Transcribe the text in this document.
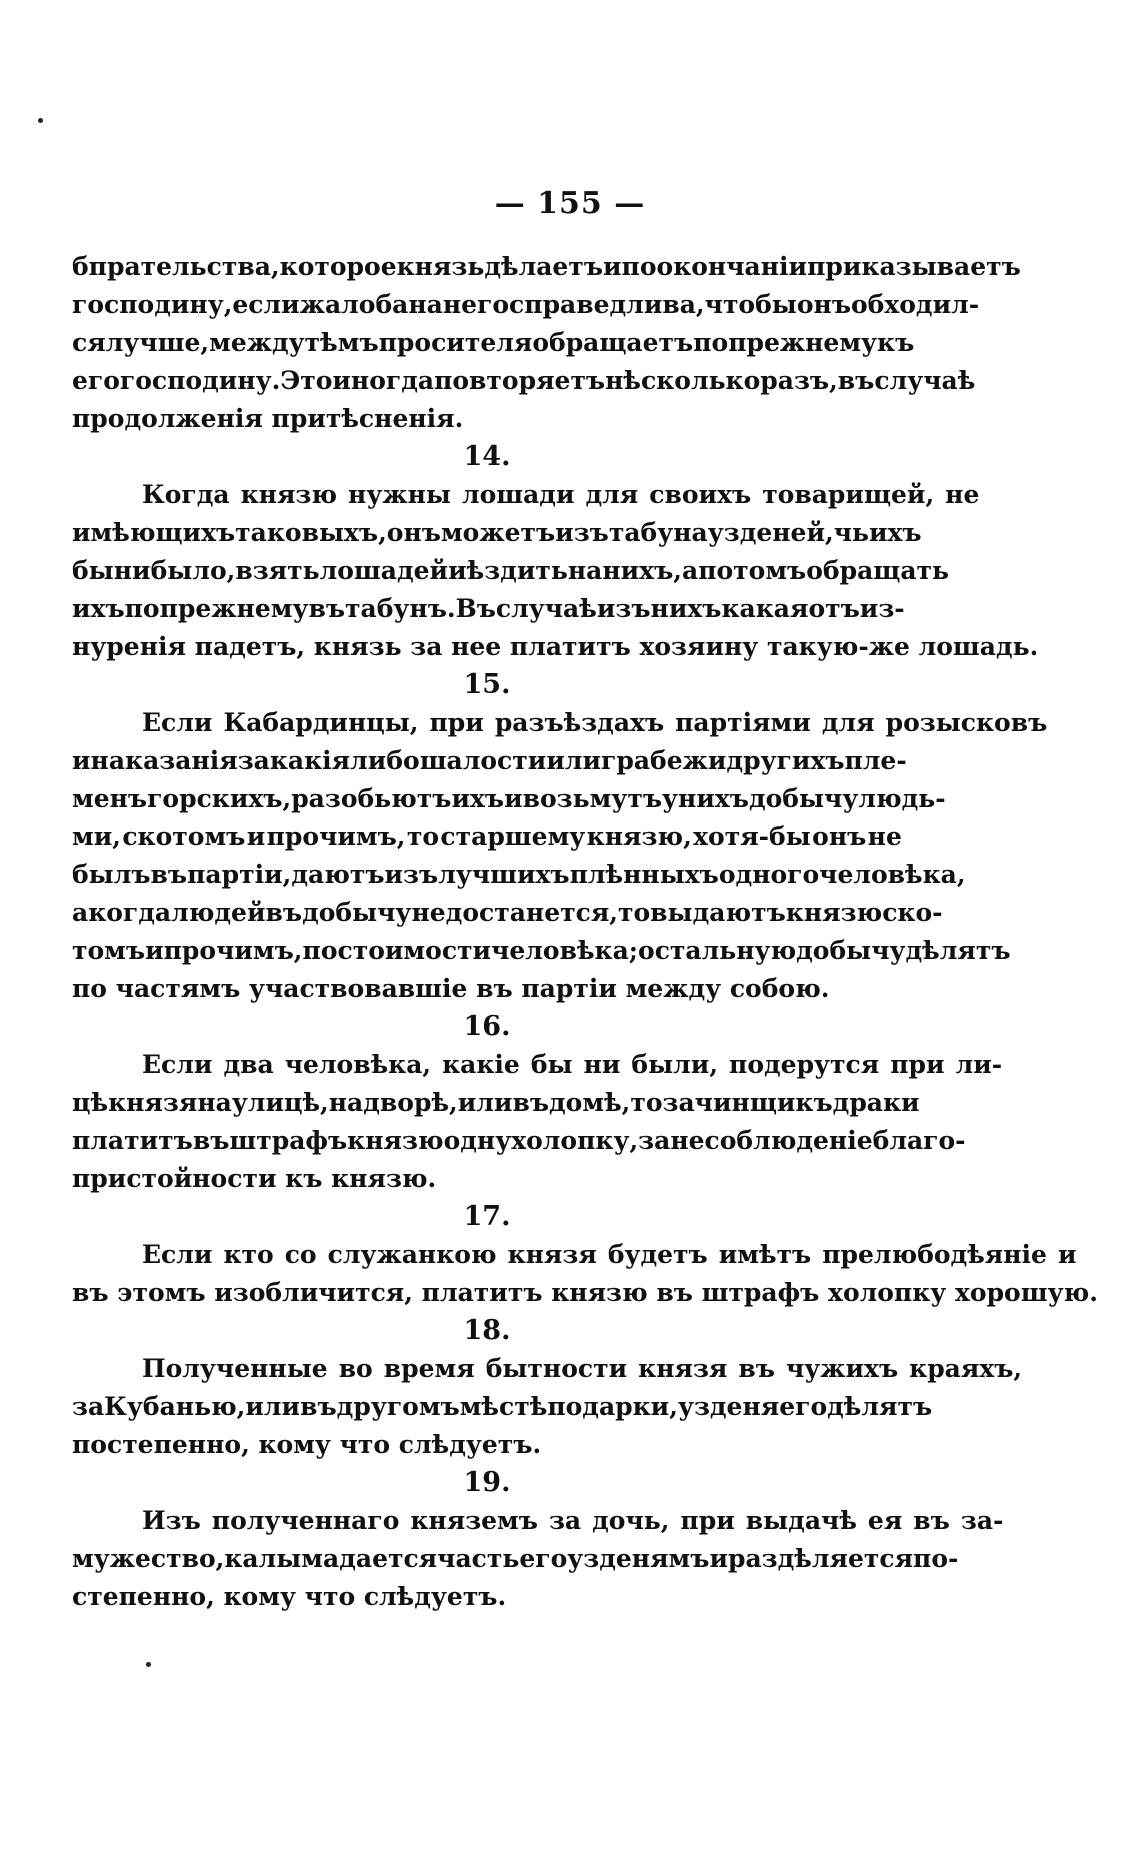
— 155 —
бпрательства, которое князь дѣлаетъ и по окончаніи приказываетъ
господину, если жалоба на него справедлива, чтобы онъ обходил-
ся лучше, между тѣмъ просителя обращаетъ по прежнему къ
его господину. Это иногда повторяетъ нѣсколько разъ, въ случаѣ
продолженія притѣсненія.
14.
Когда князю нужны лошади для своихъ товарищей, не
имѣющихъ таковыхъ, онъ можетъ изъ табуна узденей, чьихъ
бы ни было, взять лошадей и ѣздить на нихъ, а потомъ обращать
ихъ по прежнему въ табунъ. Въ случаѣ изъ нихъ какая отъ из-
нуренія падетъ, князь за нее платитъ хозяину такую-же лошадь.
15.
Если Кабардинцы, при разъѣздахъ партіями для розысковъ
и наказанія за какія либо шалости или грабежи другихъ пле-
менъ горскихъ, разобьютъ ихъ и возьмутъ у нихъ добычу людь-
ми, скотомъ и прочимъ, то старшему князю, хотя-бы онъ не
былъ въ партіи, даютъ изъ лучшихъ плѣнныхъ одного человѣка,
а когда людей въ добычу не достанется, то выдаютъ князю ско-
томъ и прочимъ, по стоимости человѣка; остальную добычу дѣлятъ
по частямъ участвовавшіе въ партіи между собою.
16.
Если два человѣка, какіе бы ни были, подерутся при ли-
цѣ князя на улицѣ, на дворѣ, или въ домѣ, то зачинщикъ драки
платитъ въ штрафъ князю одну холопку, за несоблюденіе благо-
пристойности къ князю.
17.
Если кто со служанкою князя будетъ имѣтъ прелюбодѣяніе и
въ этомъ изобличится, платитъ князю въ штрафъ холопку хорошую.
18.
Полученные во время бытности князя въ чужихъ краяхъ,
за Кубанью, или въ другомъ мѣстѣ подарки, узденя его дѣлятъ
постепенно, кому что слѣдуетъ.
19.
Изъ полученнаго княземъ за дочь, при выдачѣ ея въ за-
мужество, калыма дается часть его узденямъ и раздѣляется по-
степенно, кому что слѣдуетъ.
